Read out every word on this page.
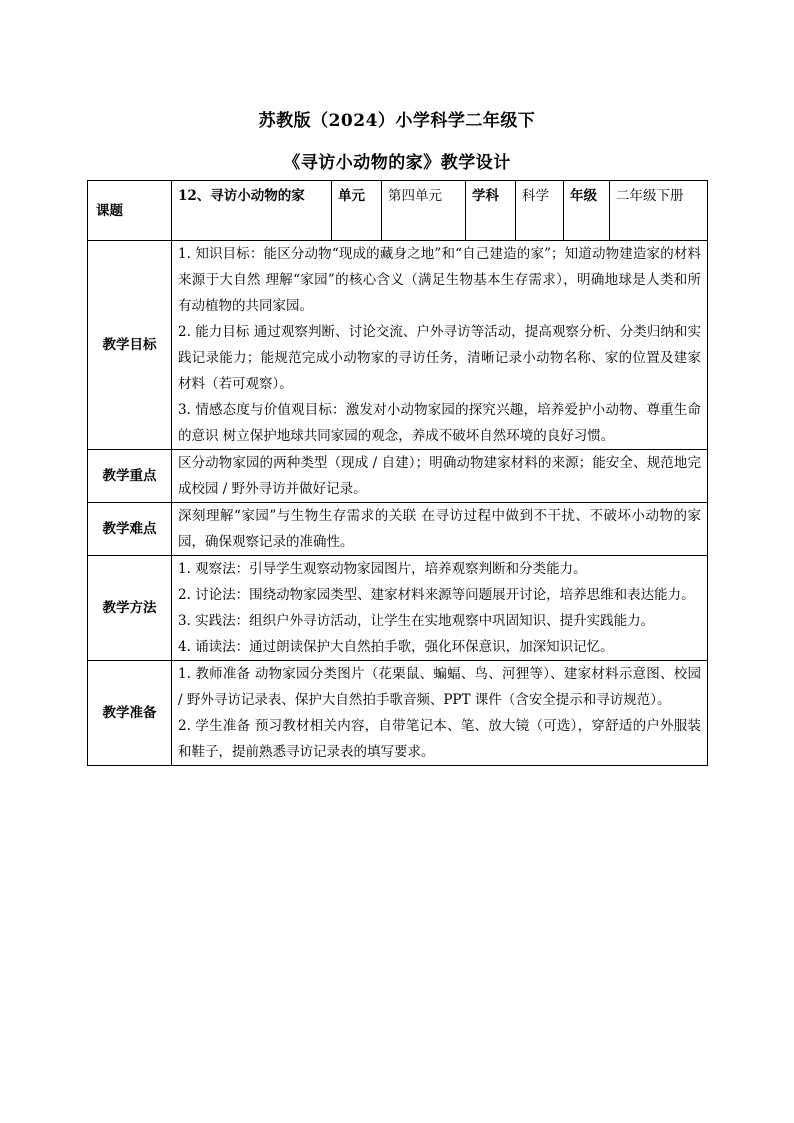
苏教版（2024）小学科学二年级下
《寻访小动物的家》教学设计
课题	12、寻访小动物的家	单元	第四单元	学科	科学	年级	二年级下册
教学目标	1. 知识目标：能区分动物“现成的藏身之地”和“自己建造的家”；知道动物建造家的材料来源于大自然 理解“家园”的核心含义（满足生物基本生存需求），明确地球是人类和所有动植物的共同家园。

2. 能力目标 通过观察判断、讨论交流、户外寻访等活动，提高观察分析、分类归纳和实践记录能力；能规范完成小动物家的寻访任务，清晰记录小动物名称、家的位置及建家材料（若可观察）。

3. 情感态度与价值观目标：激发对小动物家园的探究兴趣，培养爱护小动物、尊重生命的意识 树立保护地球共同家园的观念，养成不破坏自然环境的良好习惯。						

教学重点	区分动物家园的两种类型（现成 / 自建）；明确动物建家材料的来源；能安全、规范地完成校园 / 野外寻访并做好记录。						

教学难点	深刻理解“家园”与生物生存需求的关联 在寻访过程中做到不干扰、不破坏小动物的家园，确保观察记录的准确性。						

教学方法	1. 观察法：引导学生观察动物家园图片，培养观察判断和分类能力。

2. 讨论法：围绕动物家园类型、建家材料来源等问题展开讨论，培养思维和表达能力。

3. 实践法：组织户外寻访活动，让学生在实地观察中巩固知识、提升实践能力。

4. 诵读法：通过朗读保护大自然拍手歌，强化环保意识，加深知识记忆。						

教学准备	1. 教师准备 动物家园分类图片（花栗鼠、蝙蝠、鸟、河狸等）、建家材料示意图、校园 / 野外寻访记录表、保护大自然拍手歌音频、PPT 课件（含安全提示和寻访规范）。

2. 学生准备 预习教材相关内容，自带笔记本、笔、放大镜（可选），穿舒适的户外服装和鞋子，提前熟悉寻访记录表的填写要求。						
